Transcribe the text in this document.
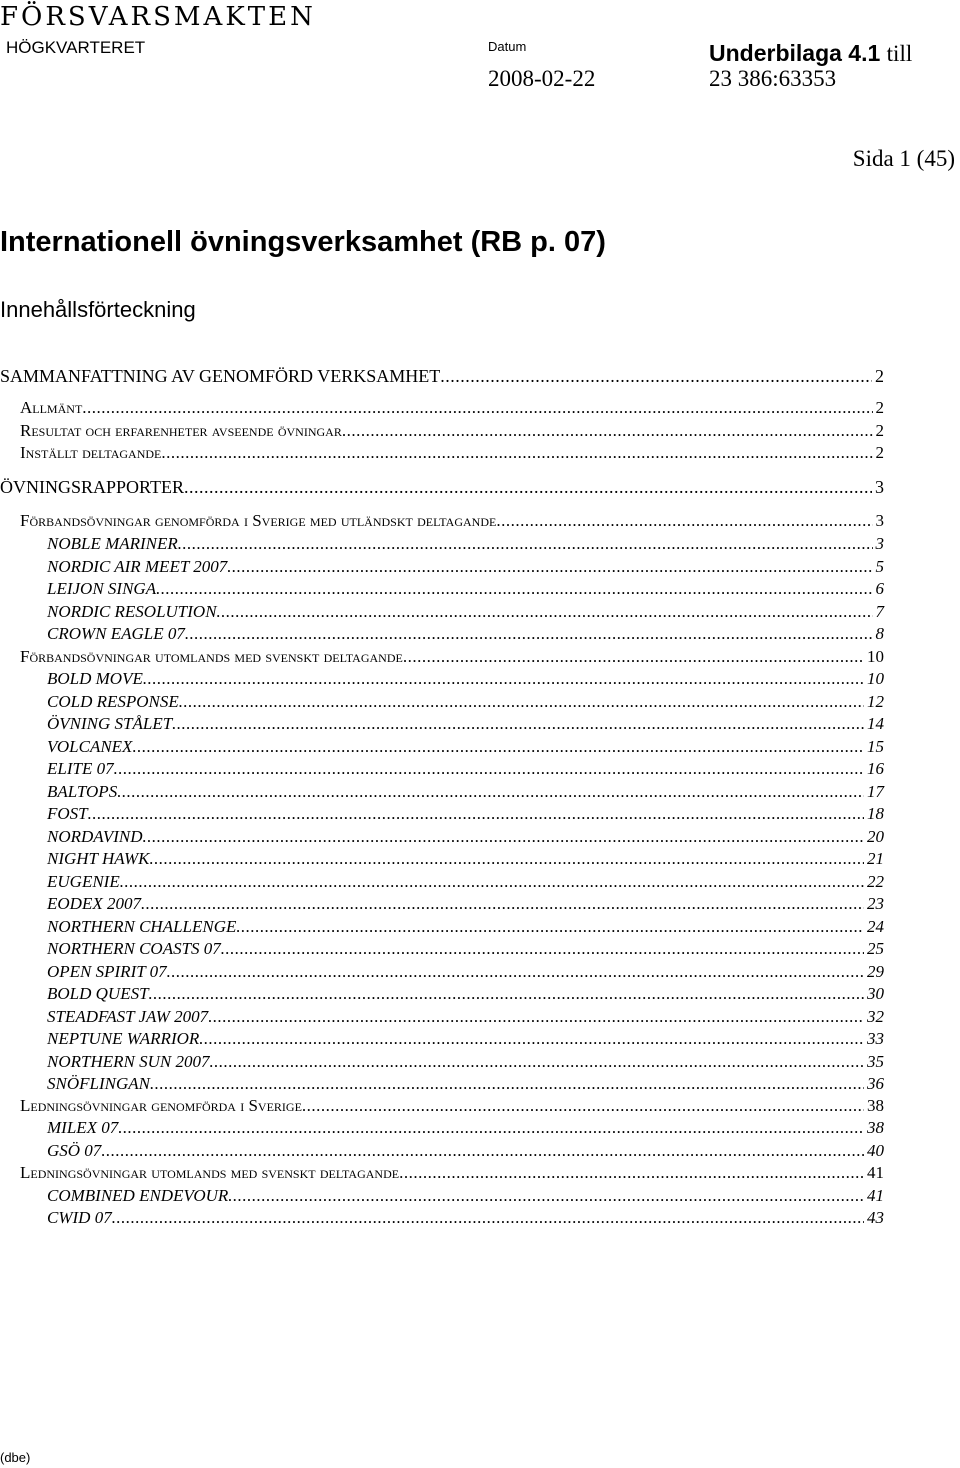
FÖRSVARSMAKTEN
HÖGKVARTERET	Datum
2008-02-22
Underbilaga 4.1 till
23 386:63353
Sida 1 (45)
Internationell övningsverksamhet (RB p. 07)
Innehållsförteckning
SAMMANFATTNING AV GENOMFÖRD VERKSAMHET .....	2
Allmänt .....	2
Resultat och erfarenheter avseende övningar .....	2
Inställt deltagande .....	2
ÖVNINGSRAPPORTER .....	3
Förbandsövningar genomförda i Sverige med utländskt deltagande .....	3
NOBLE MARINER .....	3
NORDIC AIR MEET 2007 .....	5
LEIJON SINGA .....	6
NORDIC RESOLUTION .....	7
CROWN EAGLE 07 .....	8
Förbandsövningar utomlands med svenskt deltagande .....	10
BOLD MOVE .....	10
COLD RESPONSE .....	12
ÖVNING STÅLET .....	14
VOLCANEX .....	15
ELITE 07 .....	16
BALTOPS .....	17
FOST .....	18
NORDAVIND .....	20
NIGHT HAWK .....	21
EUGENIE .....	22
EODEX 2007 .....	23
NORTHERN CHALLENGE .....	24
NORTHERN COASTS 07 .....	25
OPEN SPIRIT 07 .....	29
BOLD QUEST .....	30
STEADFAST JAW 2007 .....	32
NEPTUNE WARRIOR .....	33
NORTHERN SUN 2007 .....	35
SNÖFLINGAN .....	36
Ledningsövningar genomförda i Sverige .....	38
MILEX 07 .....	38
GSÖ 07 .....	40
Ledningsövningar utomlands med svenskt deltagande .....	41
COMBINED ENDEVOUR .....	41
CWID 07 .....	43
(dbe)
